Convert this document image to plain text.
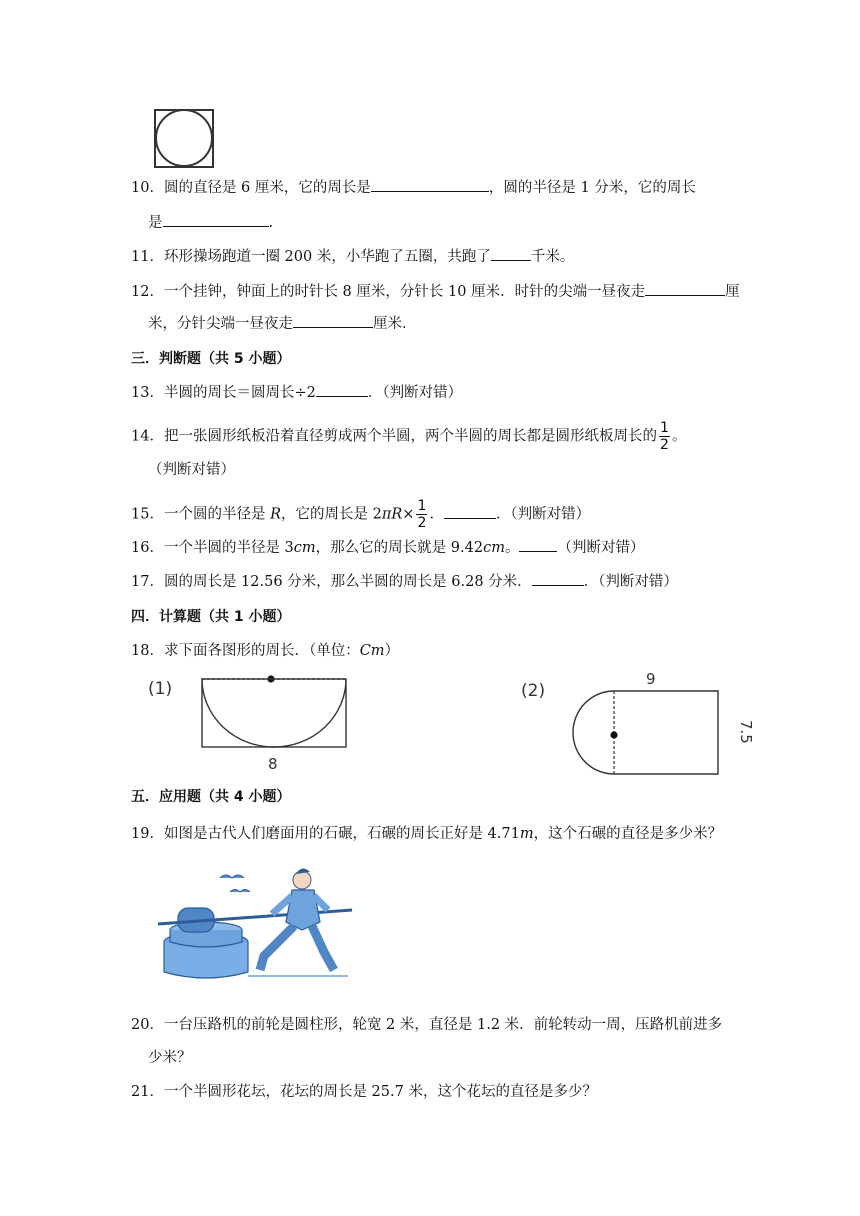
10．圆的直径是 6 厘米，它的周长是	，圆的半径是 1 分米，它的周长
是	.
11．环形操场跑道一圈 200 米，小华跑了五圈，共跑了	千米。
12．一个挂钟，钟面上的时针长 8 厘米，分针长 10 厘米．时针的尖端一昼夜走	厘
米，分针尖端一昼夜走	厘米．
三．判断题（共 5 小题）
13．半圆的周长＝圆周长÷2	．（判断对错）
14．把一张圆形纸板沿着直径剪成两个半圆，两个半圆的周长都是圆形纸板周长的 $\frac{1}{2}$ 。
（判断对错）
15．一个圆的半径是 R，它的周长是 $2\pi R\times \frac{1}{2}$ ．	．（判断对错）
16．一个半圆的半径是 3cm，那么它的周长就是 9.42cm。	（判断对错）
17．圆的周长是 12.56 分米，那么半圆的周长是 6.28 分米．	．（判断对错）
四．计算题（共 1 小题）
18．求下面各图形的周长．（单位：Cm）
(1)
8
(2)
9
7.5
五．应用题（共 4 小题）
19．如图是古代人们磨面用的石碾，石碾的周长正好是 4.71m，这个石碾的直径是多少米？
20．一台压路机的前轮是圆柱形，轮宽 2 米，直径是 1.2 米．前轮转动一周，压路机前进多
少米？
21．一个半圆形花坛，花坛的周长是 25.7 米，这个花坛的直径是多少？
